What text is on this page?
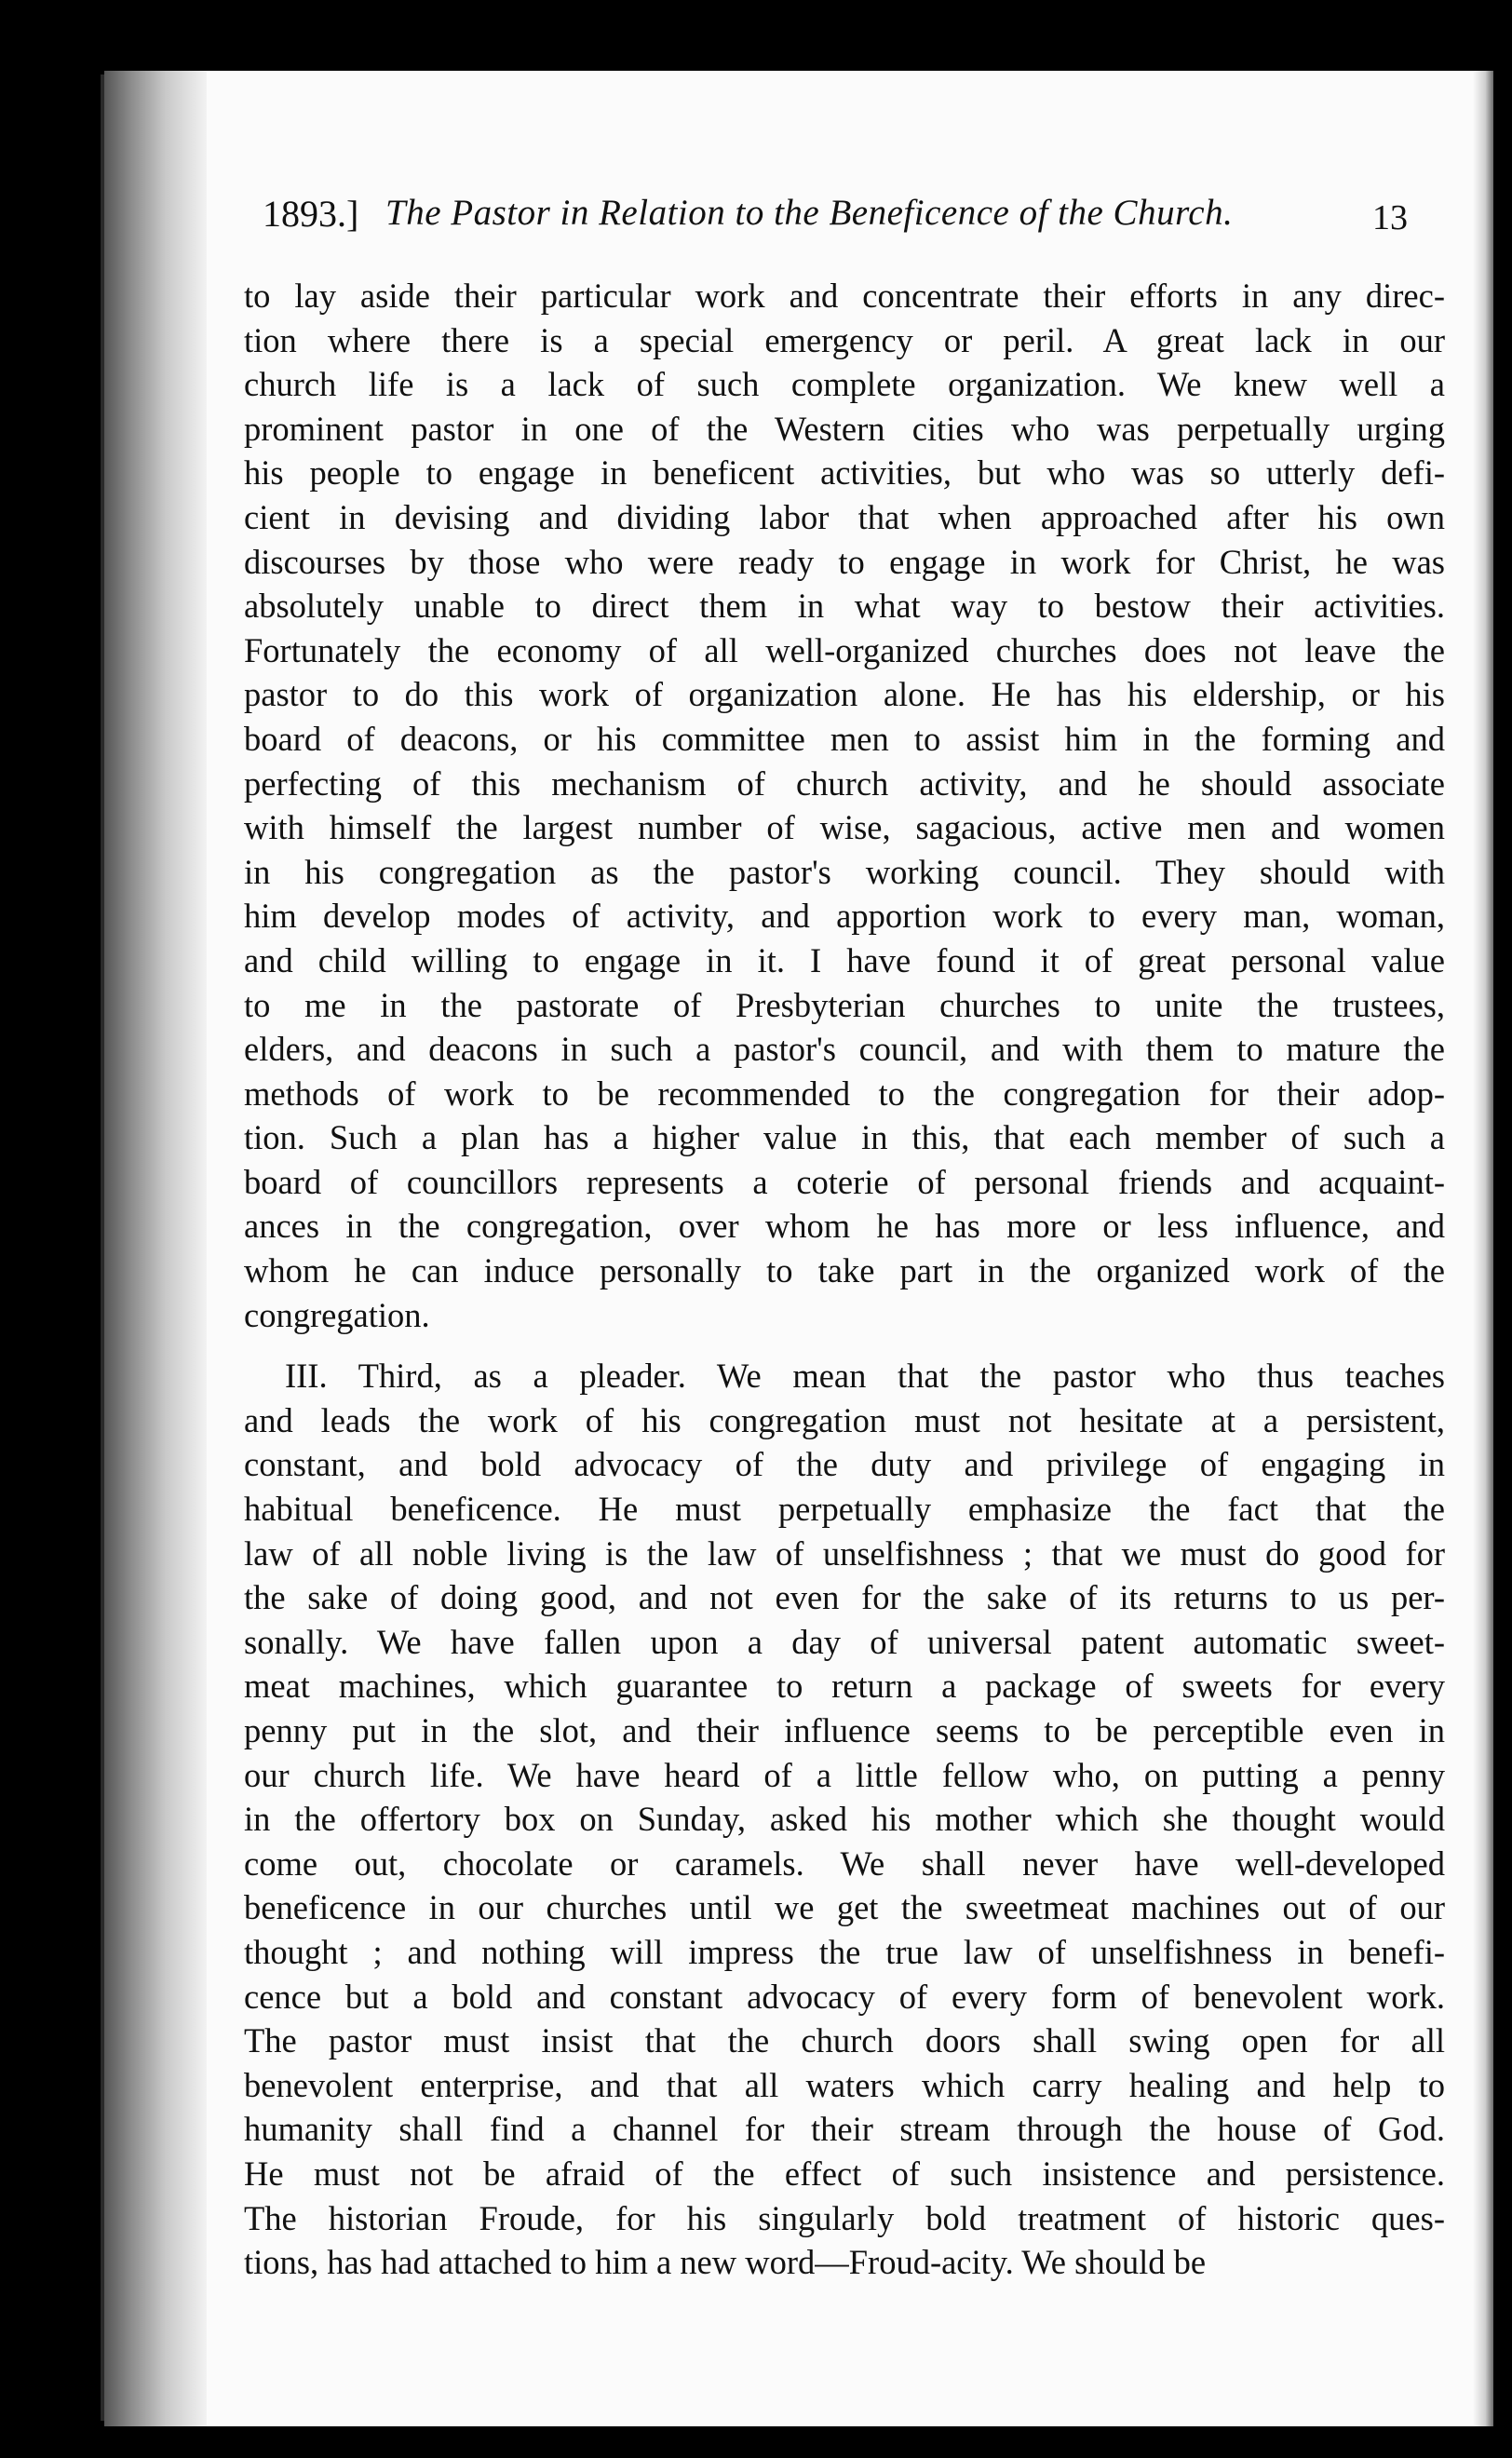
1893.] The Pastor in Relation to the Beneficence of the Church.	13
to lay aside their particular work and concentrate their efforts in any direc-
tion where there is a special emergency or peril. A great lack in our
church life is a lack of such complete organization. We knew well a
prominent pastor in one of the Western cities who was perpetually urging
his people to engage in beneficent activities, but who was so utterly defi-
cient in devising and dividing labor that when approached after his own
discourses by those who were ready to engage in work for Christ, he was
absolutely unable to direct them in what way to bestow their activities.
Fortunately the economy of all well-organized churches does not leave the
pastor to do this work of organization alone. He has his eldership, or his
board of deacons, or his committee men to assist him in the forming and
perfecting of this mechanism of church activity, and he should associate
with himself the largest number of wise, sagacious, active men and women
in his congregation as the pastor's working council. They should with
him develop modes of activity, and apportion work to every man, woman,
and child willing to engage in it. I have found it of great personal value
to me in the pastorate of Presbyterian churches to unite the trustees,
elders, and deacons in such a pastor's council, and with them to mature the
methods of work to be recommended to the congregation for their adop-
tion. Such a plan has a higher value in this, that each member of such a
board of councillors represents a coterie of personal friends and acquaint-
ances in the congregation, over whom he has more or less influence, and
whom he can induce personally to take part in the organized work of the
congregation.
III. Third, as a pleader. We mean that the pastor who thus teaches
and leads the work of his congregation must not hesitate at a persistent,
constant, and bold advocacy of the duty and privilege of engaging in
habitual beneficence. He must perpetually emphasize the fact that the
law of all noble living is the law of unselfishness ; that we must do good for
the sake of doing good, and not even for the sake of its returns to us per-
sonally. We have fallen upon a day of universal patent automatic sweet-
meat machines, which guarantee to return a package of sweets for every
penny put in the slot, and their influence seems to be perceptible even in
our church life. We have heard of a little fellow who, on putting a penny
in the offertory box on Sunday, asked his mother which she thought would
come out, chocolate or caramels. We shall never have well-developed
beneficence in our churches until we get the sweetmeat machines out of our
thought ; and nothing will impress the true law of unselfishness in benefi-
cence but a bold and constant advocacy of every form of benevolent work.
The pastor must insist that the church doors shall swing open for all
benevolent enterprise, and that all waters which carry healing and help to
humanity shall find a channel for their stream through the house of God.
He must not be afraid of the effect of such insistence and persistence.
The historian Froude, for his singularly bold treatment of historic ques-
tions, has had attached to him a new word—Froud-acity. We should be
